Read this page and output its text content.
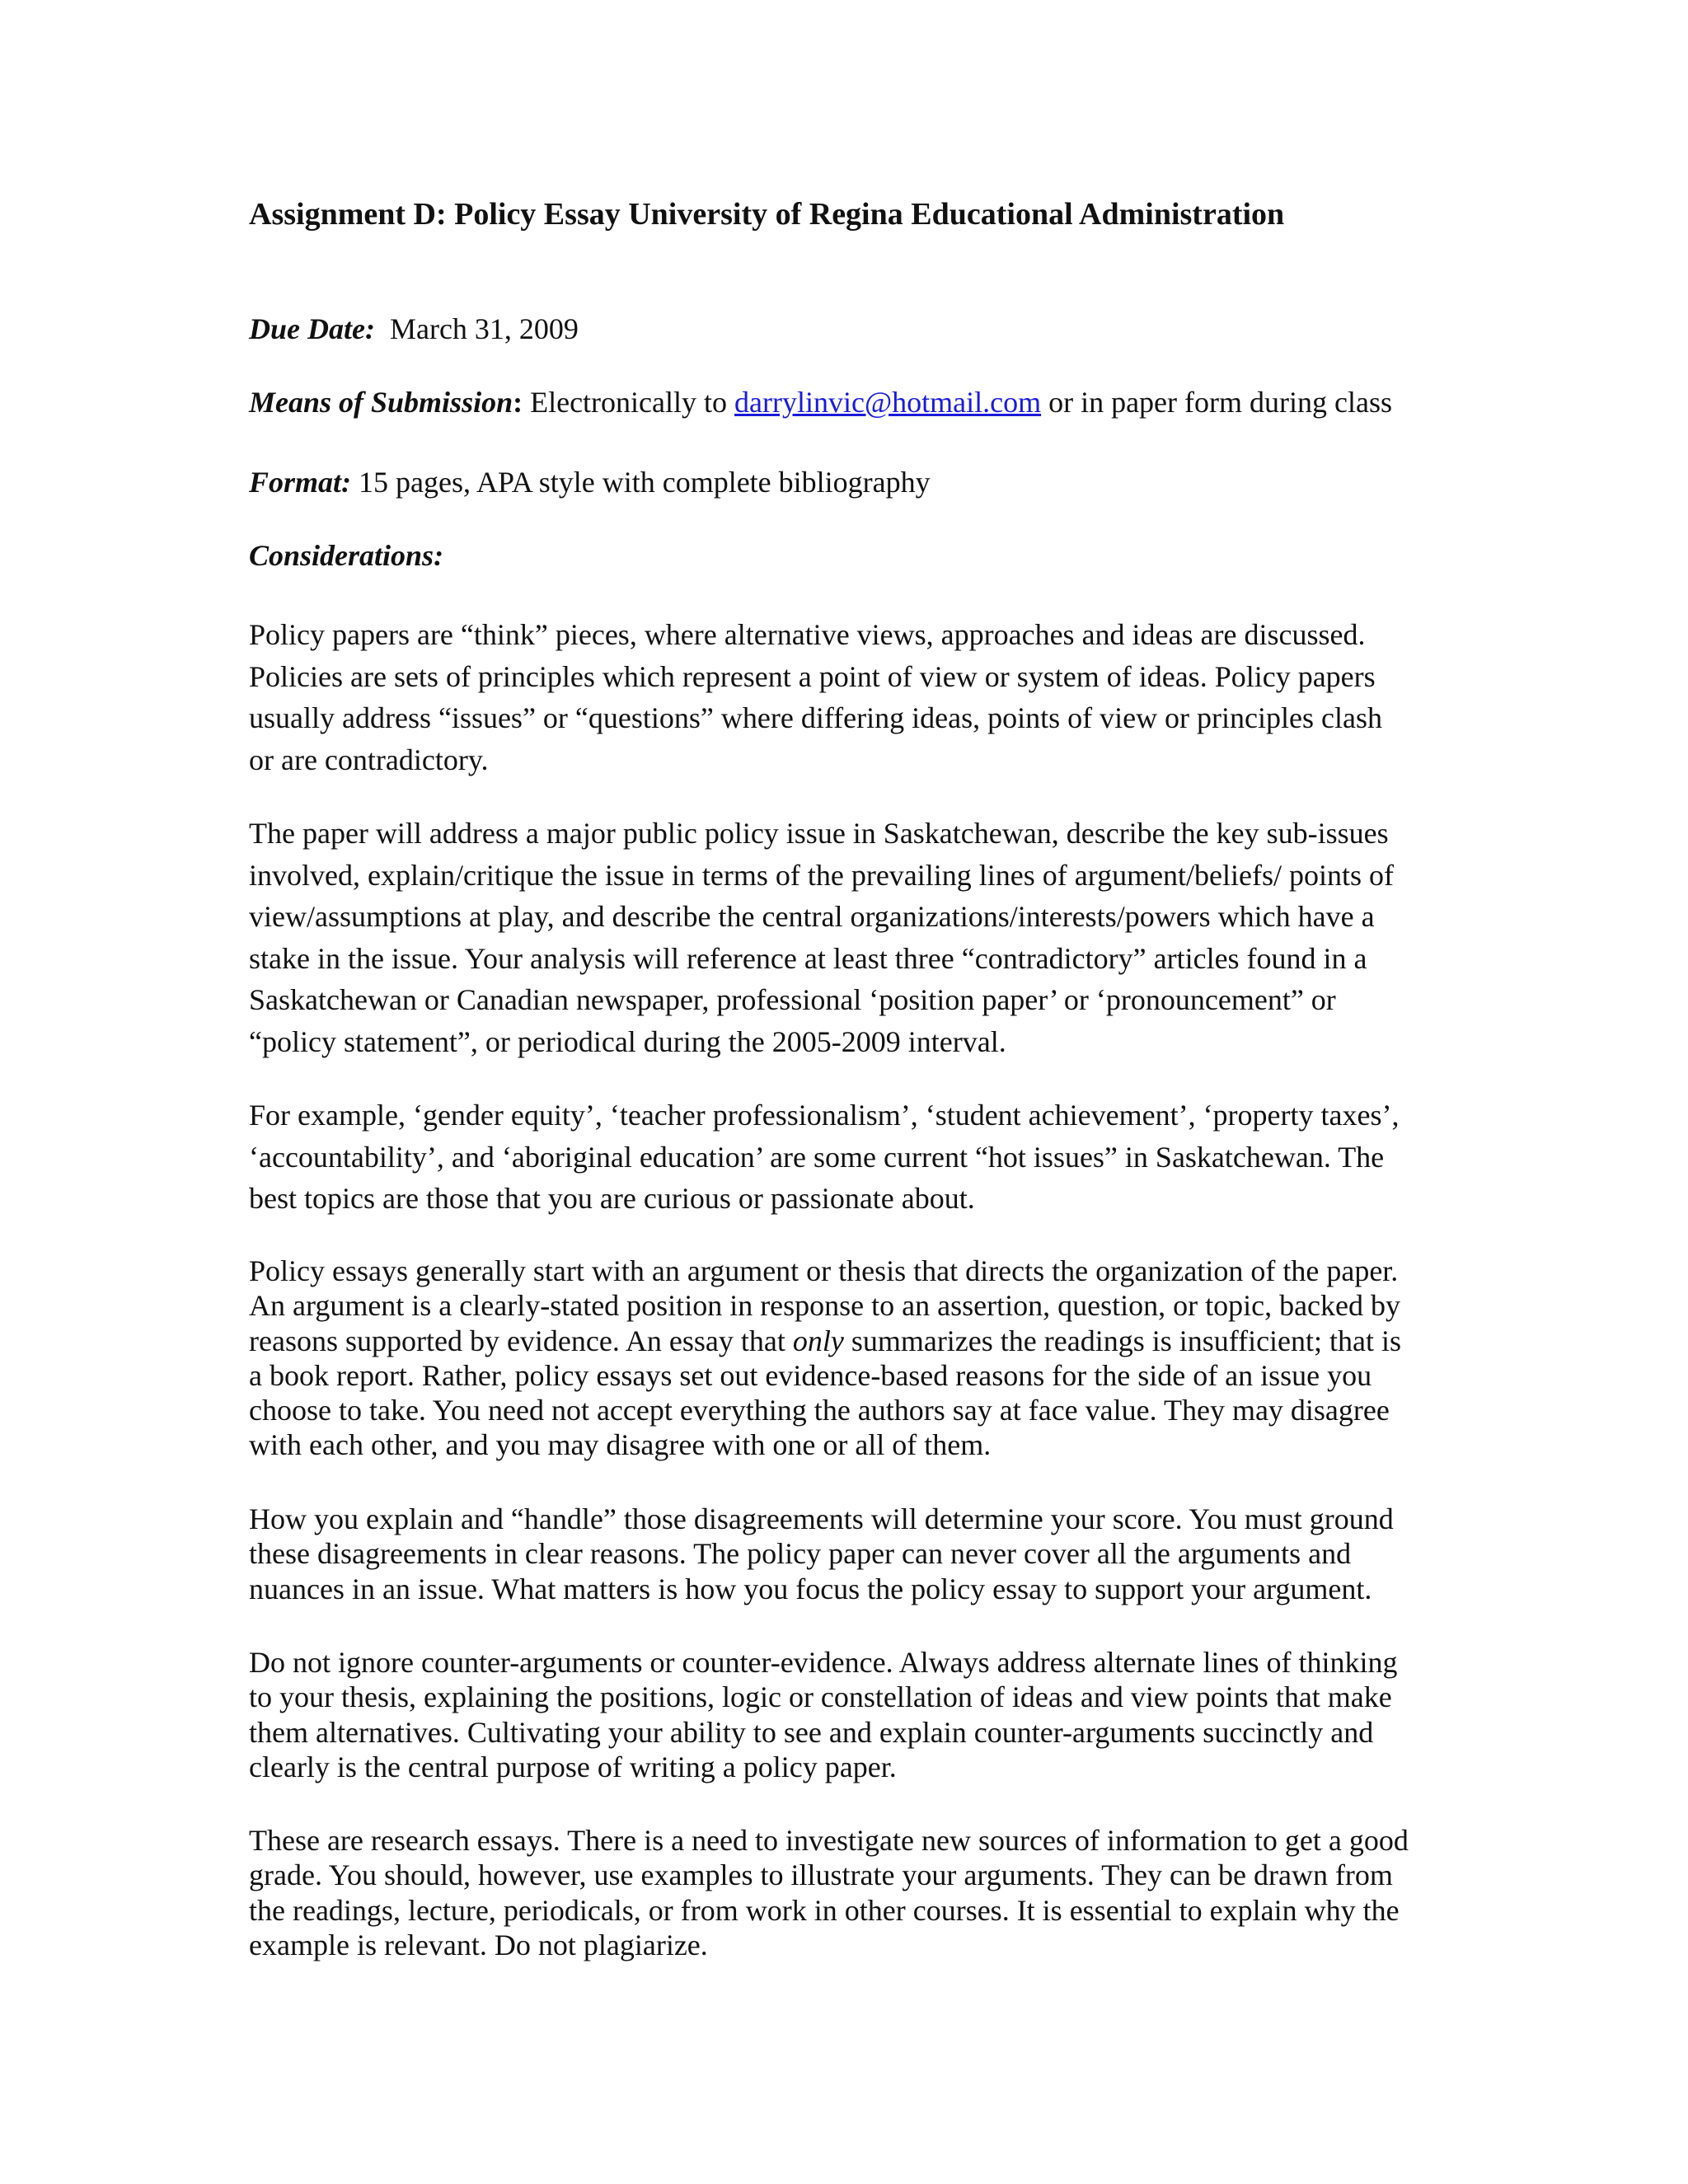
Assignment D: Policy Essay University of Regina Educational Administration

Due Date: March 31, 2009

Means of Submission: Electronically to darrylinvic@hotmail.com or in paper form during class

Format: 15 pages, APA style with complete bibliography

Considerations:

Policy papers are “think” pieces, where alternative views, approaches and ideas are discussed.
Policies are sets of principles which represent a point of view or system of ideas. Policy papers
usually address “issues” or “questions” where differing ideas, points of view or principles clash
or are contradictory.

The paper will address a major public policy issue in Saskatchewan, describe the key sub-issues
involved, explain/critique the issue in terms of the prevailing lines of argument/beliefs/ points of
view/assumptions at play, and describe the central organizations/interests/powers which have a
stake in the issue. Your analysis will reference at least three “contradictory” articles found in a
Saskatchewan or Canadian newspaper, professional ‘position paper’ or ‘pronouncement” or
“policy statement”, or periodical during the 2005-2009 interval.

For example, ‘gender equity’, ‘teacher professionalism’, ‘student achievement’, ‘property taxes’,
‘accountability’, and ‘aboriginal education’ are some current “hot issues” in Saskatchewan. The
best topics are those that you are curious or passionate about.

Policy essays generally start with an argument or thesis that directs the organization of the paper.
An argument is a clearly-stated position in response to an assertion, question, or topic, backed by
reasons supported by evidence. An essay that only summarizes the readings is insufficient; that is
a book report. Rather, policy essays set out evidence-based reasons for the side of an issue you
choose to take. You need not accept everything the authors say at face value. They may disagree
with each other, and you may disagree with one or all of them.

How you explain and “handle” those disagreements will determine your score. You must ground
these disagreements in clear reasons. The policy paper can never cover all the arguments and
nuances in an issue. What matters is how you focus the policy essay to support your argument.

Do not ignore counter-arguments or counter-evidence. Always address alternate lines of thinking
to your thesis, explaining the positions, logic or constellation of ideas and view points that make
them alternatives. Cultivating your ability to see and explain counter-arguments succinctly and
clearly is the central purpose of writing a policy paper.

These are research essays. There is a need to investigate new sources of information to get a good
grade. You should, however, use examples to illustrate your arguments. They can be drawn from
the readings, lecture, periodicals, or from work in other courses. It is essential to explain why the
example is relevant. Do not plagiarize.
